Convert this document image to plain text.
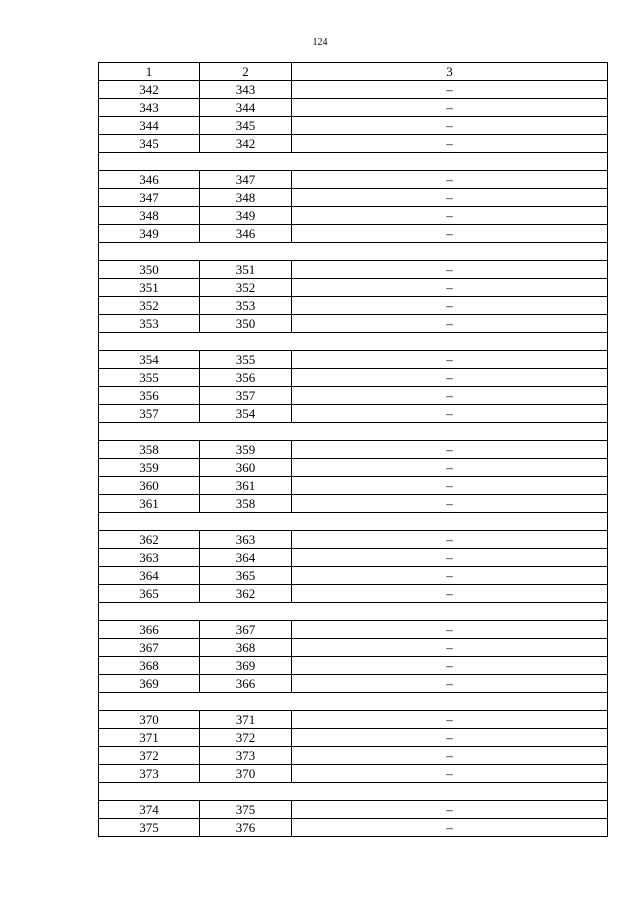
124
1	2	3
342	343	–
343	344	–
344	345	–
345	342	–

346	347	–
347	348	–
348	349	–
349	346	–

350	351	–
351	352	–
352	353	–
353	350	–

354	355	–
355	356	–
356	357	–
357	354	–

358	359	–
359	360	–
360	361	–
361	358	–

362	363	–
363	364	–
364	365	–
365	362	–

366	367	–
367	368	–
368	369	–
369	366	–

370	371	–
371	372	–
372	373	–
373	370	–

374	375	–
375	376	–
